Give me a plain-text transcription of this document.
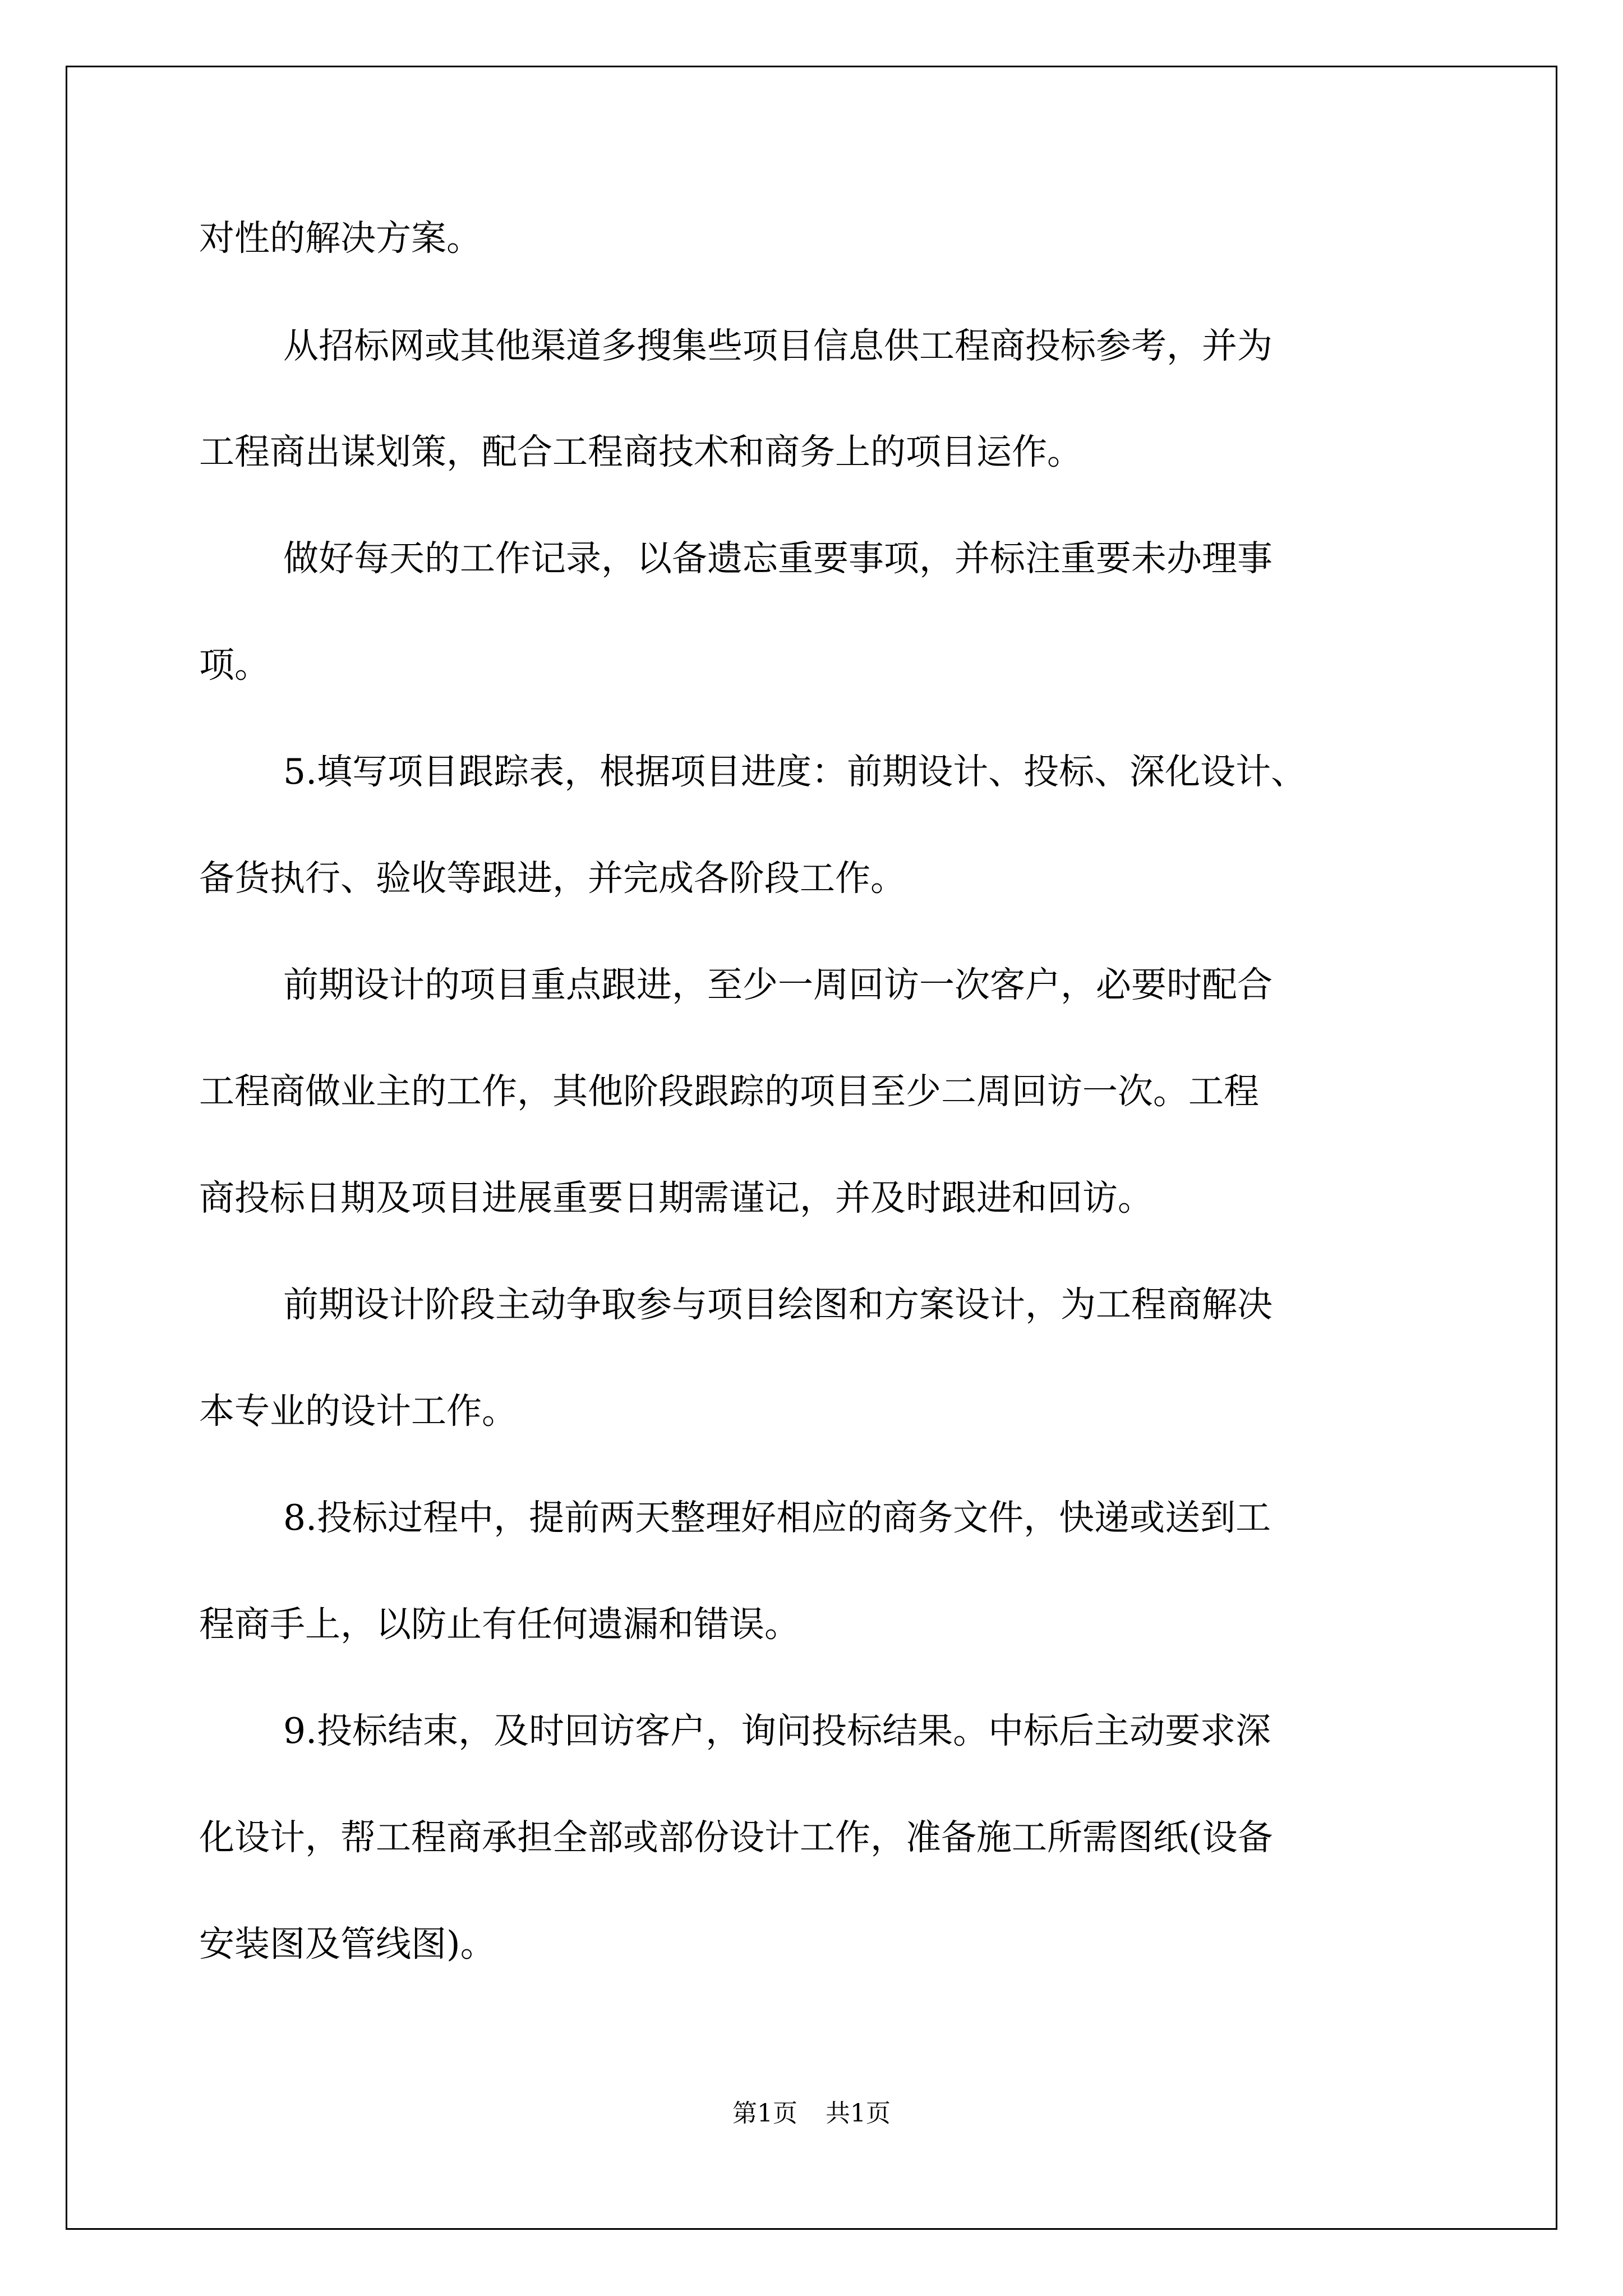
对性的解决方案。
从招标网或其他渠道多搜集些项目信息供工程商投标参考，并为
工程商出谋划策，配合工程商技术和商务上的项目运作。
做好每天的工作记录，以备遗忘重要事项，并标注重要未办理事
项。
5.填写项目跟踪表，根据项目进度：前期设计、投标、深化设计、
备货执行、验收等跟进，并完成各阶段工作。
前期设计的项目重点跟进，至少一周回访一次客户，必要时配合
工程商做业主的工作，其他阶段跟踪的项目至少二周回访一次。工程
商投标日期及项目进展重要日期需谨记，并及时跟进和回访。
前期设计阶段主动争取参与项目绘图和方案设计，为工程商解决
本专业的设计工作。
8.投标过程中，提前两天整理好相应的商务文件，快递或送到工
程商手上，以防止有任何遗漏和错误。
9.投标结束，及时回访客户，询问投标结果。中标后主动要求深
化设计，帮工程商承担全部或部份设计工作，准备施工所需图纸(设备
安装图及管线图)。
第1页 共1页
